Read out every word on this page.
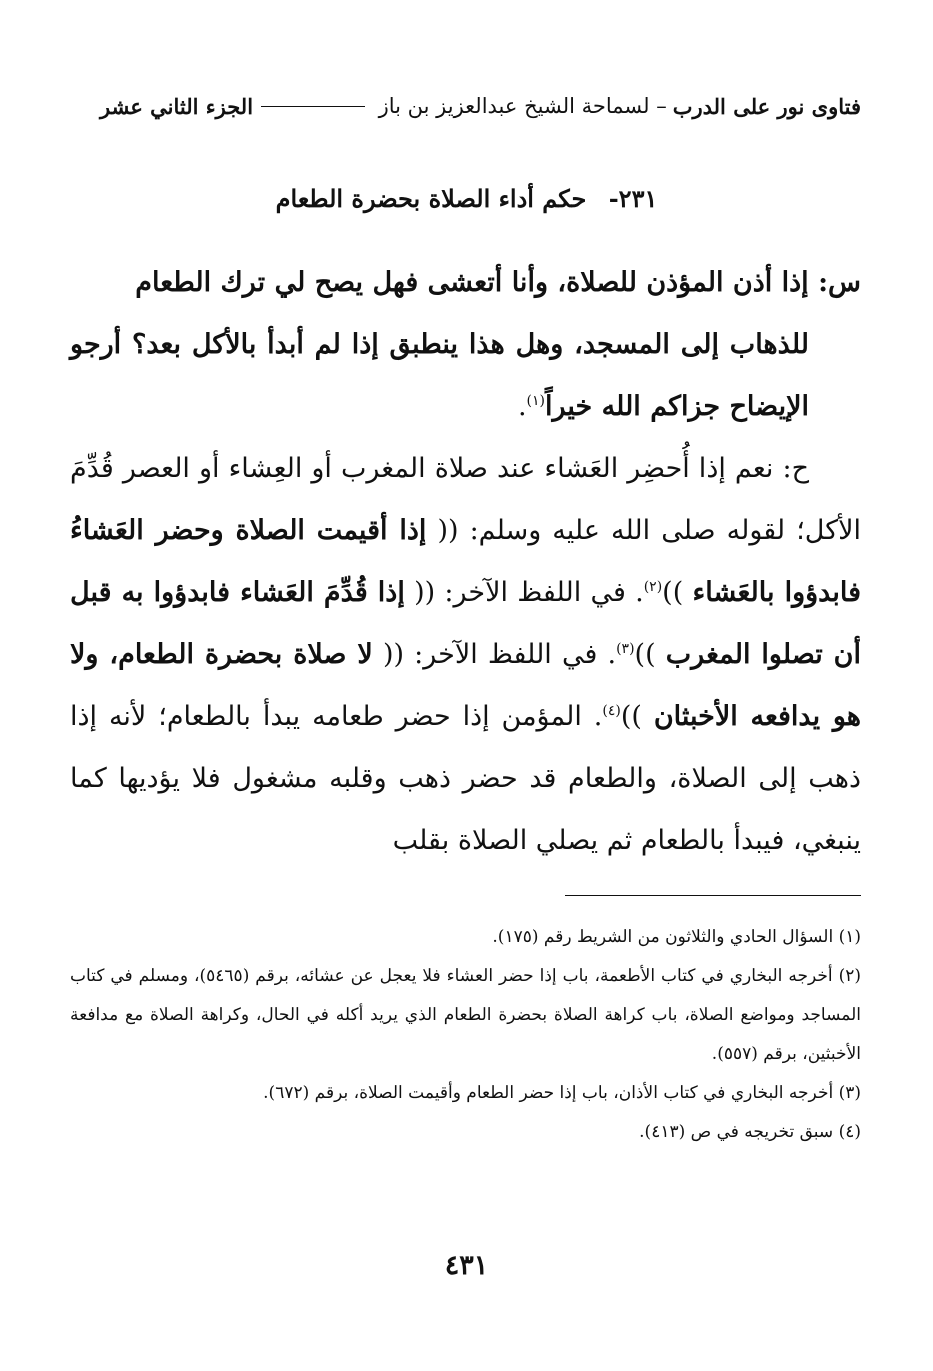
فتاوى نور على الدرب
– لسماحة الشيخ عبدالعزيز بن باز
الجزء الثاني عشر
٢٣١- حكم أداء الصلاة بحضرة الطعام

س: إذا أذن المؤذن للصلاة، وأنا أتعشى فهل يصح لي ترك الطعام

للذهاب إلى المسجد، وهل هذا ينطبق إذا لم أبدأ بالأكل بعد؟ أرجو الإيضاح جزاكم الله خيراً$^{(١)}$.

ح: نعم إذا أُحضِر العَشاء عند صلاة المغرب أو العِشاء أو العصر قُدِّمَ الأكل؛ لقوله صلى الله عليه وسلم: (( إذا أقيمت الصلاة وحضر العَشاءُ فابدؤوا بالعَشاء ))$^{(٢)}$. في اللفظ الآخر: (( إذا قُدِّمَ العَشاء فابدؤوا به قبل أن تصلوا المغرب ))$^{(٣)}$. في اللفظ الآخر: (( لا صلاة بحضرة الطعام، ولا هو يدافعه الأخبثان ))$^{(٤)}$. المؤمن إذا حضر طعامه يبدأ بالطعام؛ لأنه إذا ذهب إلى الصلاة، والطعام قد حضر ذهب وقلبه مشغول فلا يؤديها كما ينبغي، فيبدأ بالطعام ثم يصلي الصلاة بقلب

(١) السؤال الحادي والثلاثون من الشريط رقم (١٧٥).

(٢) أخرجه البخاري في كتاب الأطعمة، باب إذا حضر العشاء فلا يعجل عن عشائه، برقم (٥٤٦٥)، ومسلم في كتاب المساجد ومواضع الصلاة، باب كراهة الصلاة بحضرة الطعام الذي يريد أكله في الحال، وكراهة الصلاة مع مدافعة الأخبثين، برقم (٥٥٧).

(٣) أخرجه البخاري في كتاب الأذان، باب إذا حضر الطعام وأقيمت الصلاة، برقم (٦٧٢).

(٤) سبق تخريجه في ص (٤١٣).

٤٣١
